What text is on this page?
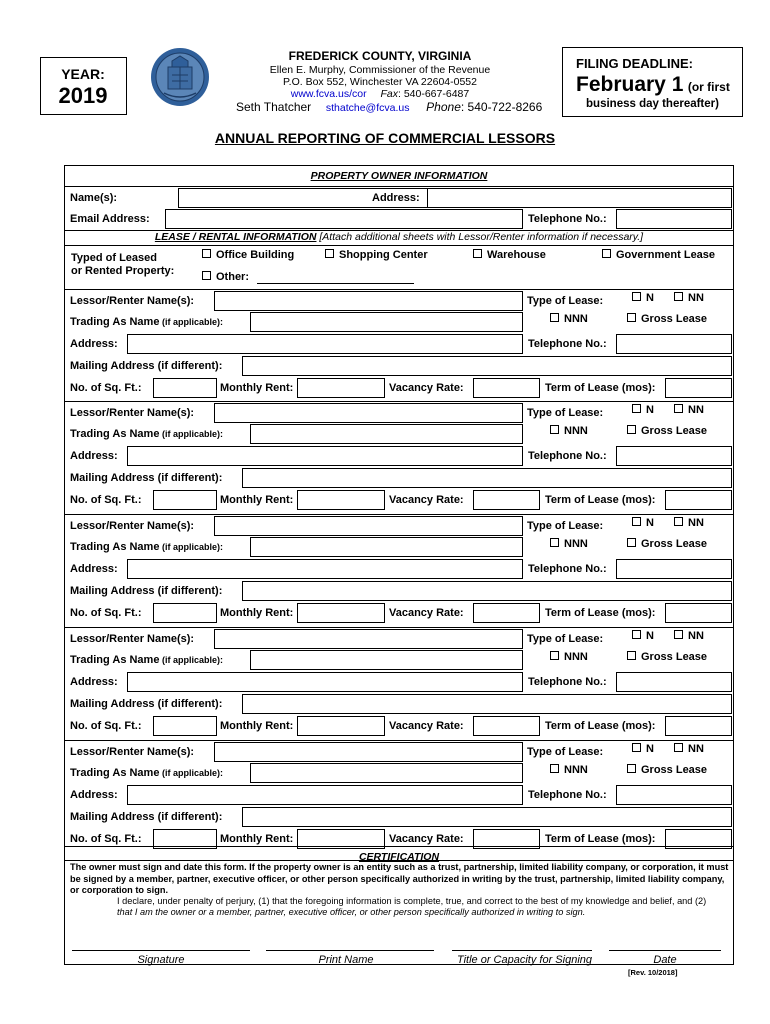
YEAR:
2019
FREDERICK COUNTY, VIRGINIA
Ellen E. Murphy, Commissioner of the Revenue
P.O. Box 552, Winchester VA 22604-0552
www.fcva.us/cor Fax: 540-667-6487
Seth Thatcher sthatche@fcva.us Phone: 540-722-8266
FILING DEADLINE:
February 1 (or first
business day thereafter)
ANNUAL REPORTING OF COMMERCIAL LESSORS
PROPERTY OWNER INFORMATION
Name(s):	Address:
Email Address:	Telephone No.:
LEASE / RENTAL INFORMATION [Attach additional sheets with Lessor/Renter information if necessary.]
Typed of Leased
or Rented Property:
Office Building	Shopping Center	Warehouse	Government Lease
Other:
Lessor/Renter Name(s):	Type of Lease:	N	NN
Trading As Name (if applicable):	NNN	Gross Lease
Address:	Telephone No.:
Mailing Address (if different):
No. of Sq. Ft.:	Monthly Rent:	Vacancy Rate:	Term of Lease (mos):
Lessor/Renter Name(s):	Type of Lease:	N	NN
Trading As Name (if applicable):	NNN	Gross Lease
Address:	Telephone No.:
Mailing Address (if different):
No. of Sq. Ft.:	Monthly Rent:	Vacancy Rate:	Term of Lease (mos):
Lessor/Renter Name(s):	Type of Lease:	N	NN
Trading As Name (if applicable):	NNN	Gross Lease
Address:	Telephone No.:
Mailing Address (if different):
No. of Sq. Ft.:	Monthly Rent:	Vacancy Rate:	Term of Lease (mos):
Lessor/Renter Name(s):	Type of Lease:	N	NN
Trading As Name (if applicable):	NNN	Gross Lease
Address:	Telephone No.:
Mailing Address (if different):
No. of Sq. Ft.:	Monthly Rent:	Vacancy Rate:	Term of Lease (mos):
Lessor/Renter Name(s):	Type of Lease:	N	NN
Trading As Name (if applicable):	NNN	Gross Lease
Address:	Telephone No.:
Mailing Address (if different):
No. of Sq. Ft.:	Monthly Rent:	Vacancy Rate:	Term of Lease (mos):
CERTIFICATION
The owner must sign and date this form. If the property owner is an entity such as a trust, partnership, limited liability company, or corporation, it must be signed by a member, partner, executive officer, or other person specifically authorized in writing by the trust, partnership, limited liability company, or corporation to sign.
I declare, under penalty of perjury, (1) that the foregoing information is complete, true, and correct to the best of my knowledge and belief, and (2)
that I am the owner or a member, partner, executive officer, or other person specifically authorized in writing to sign.
Signature	Print Name	Title or Capacity for Signing	Date
[Rev. 10/2018]
